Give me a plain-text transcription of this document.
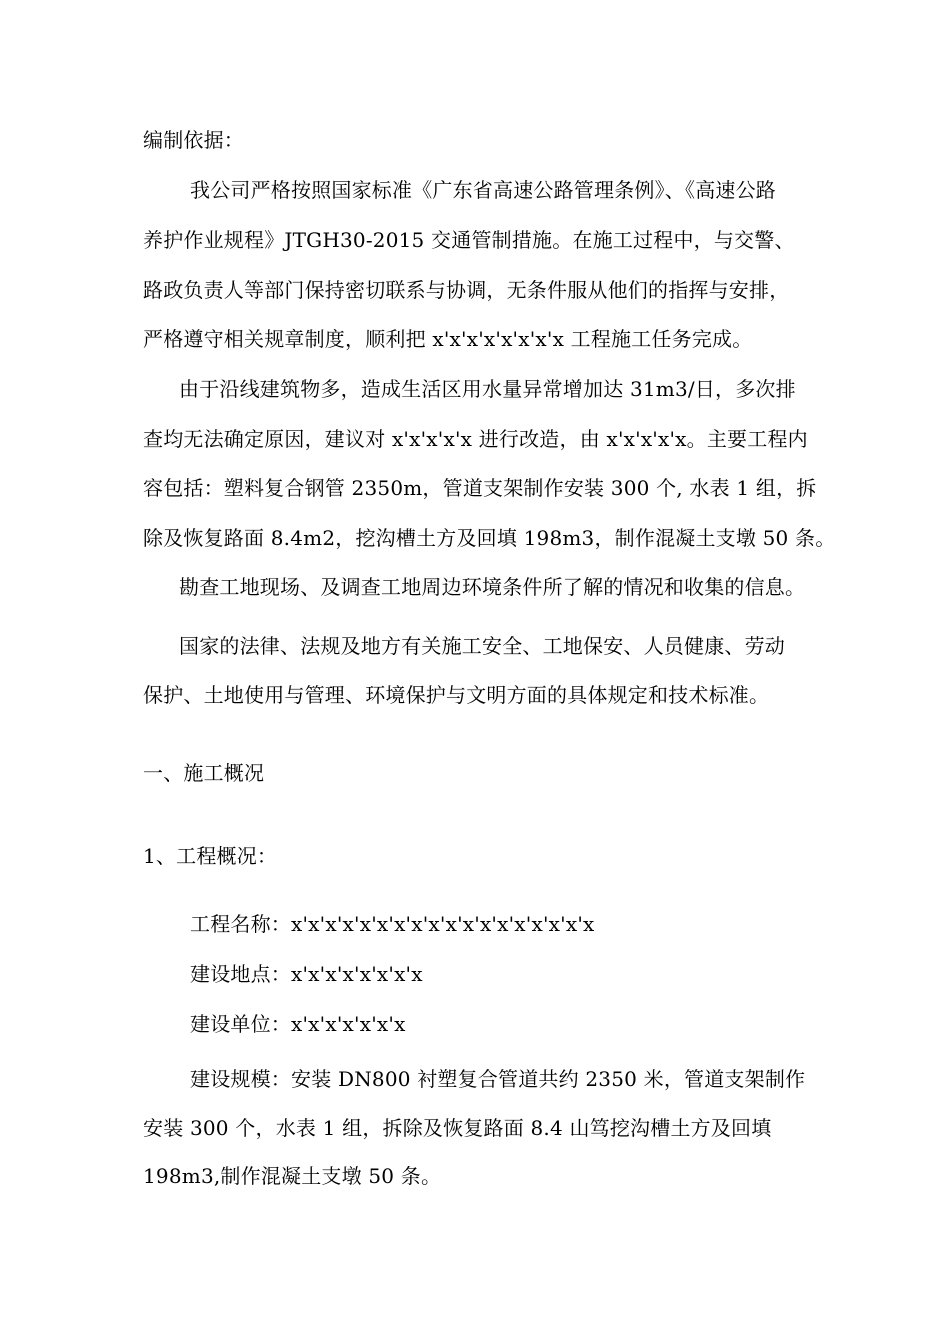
编制依据：
我公司严格按照国家标准《广东省高速公路管理条例》、《高速公路
养护作业规程》JTGH30-2015 交通管制措施。在施工过程中，与交警、
路政负责人等部门保持密切联系与协调，无条件服从他们的指挥与安排，
严格遵守相关规章制度，顺利把 x'x'x'x'x'x'x'x 工程施工任务完成。
由于沿线建筑物多，造成生活区用水量异常增加达 31m3/日，多次排
查均无法确定原因，建议对 x'x'x'x'x 进行改造，由 x'x'x'x'x。主要工程内
容包括：塑料复合钢管 2350m，管道支架制作安装 300 个, 水表 1 组，拆
除及恢复路面 8.4m2，挖沟槽土方及回填 198m3，制作混凝土支墩 50 条。
勘查工地现场、及调查工地周边环境条件所了解的情况和收集的信息。
国家的法律、法规及地方有关施工安全、工地保安、人员健康、劳动
保护、土地使用与管理、环境保护与文明方面的具体规定和技术标准。
一、施工概况
1、工程概况：
工程名称：x'x'x'x'x'x'x'x'x'x'x'x'x'x'x'x'x'x
建设地点：x'x'x'x'x'x'x'x
建设单位：x'x'x'x'x'x'x
建设规模：安装 DN800 衬塑复合管道共约 2350 米，管道支架制作
安装 300 个，水表 1 组，拆除及恢复路面 8.4 山笃挖沟槽土方及回填
198m3,制作混凝土支墩 50 条。
